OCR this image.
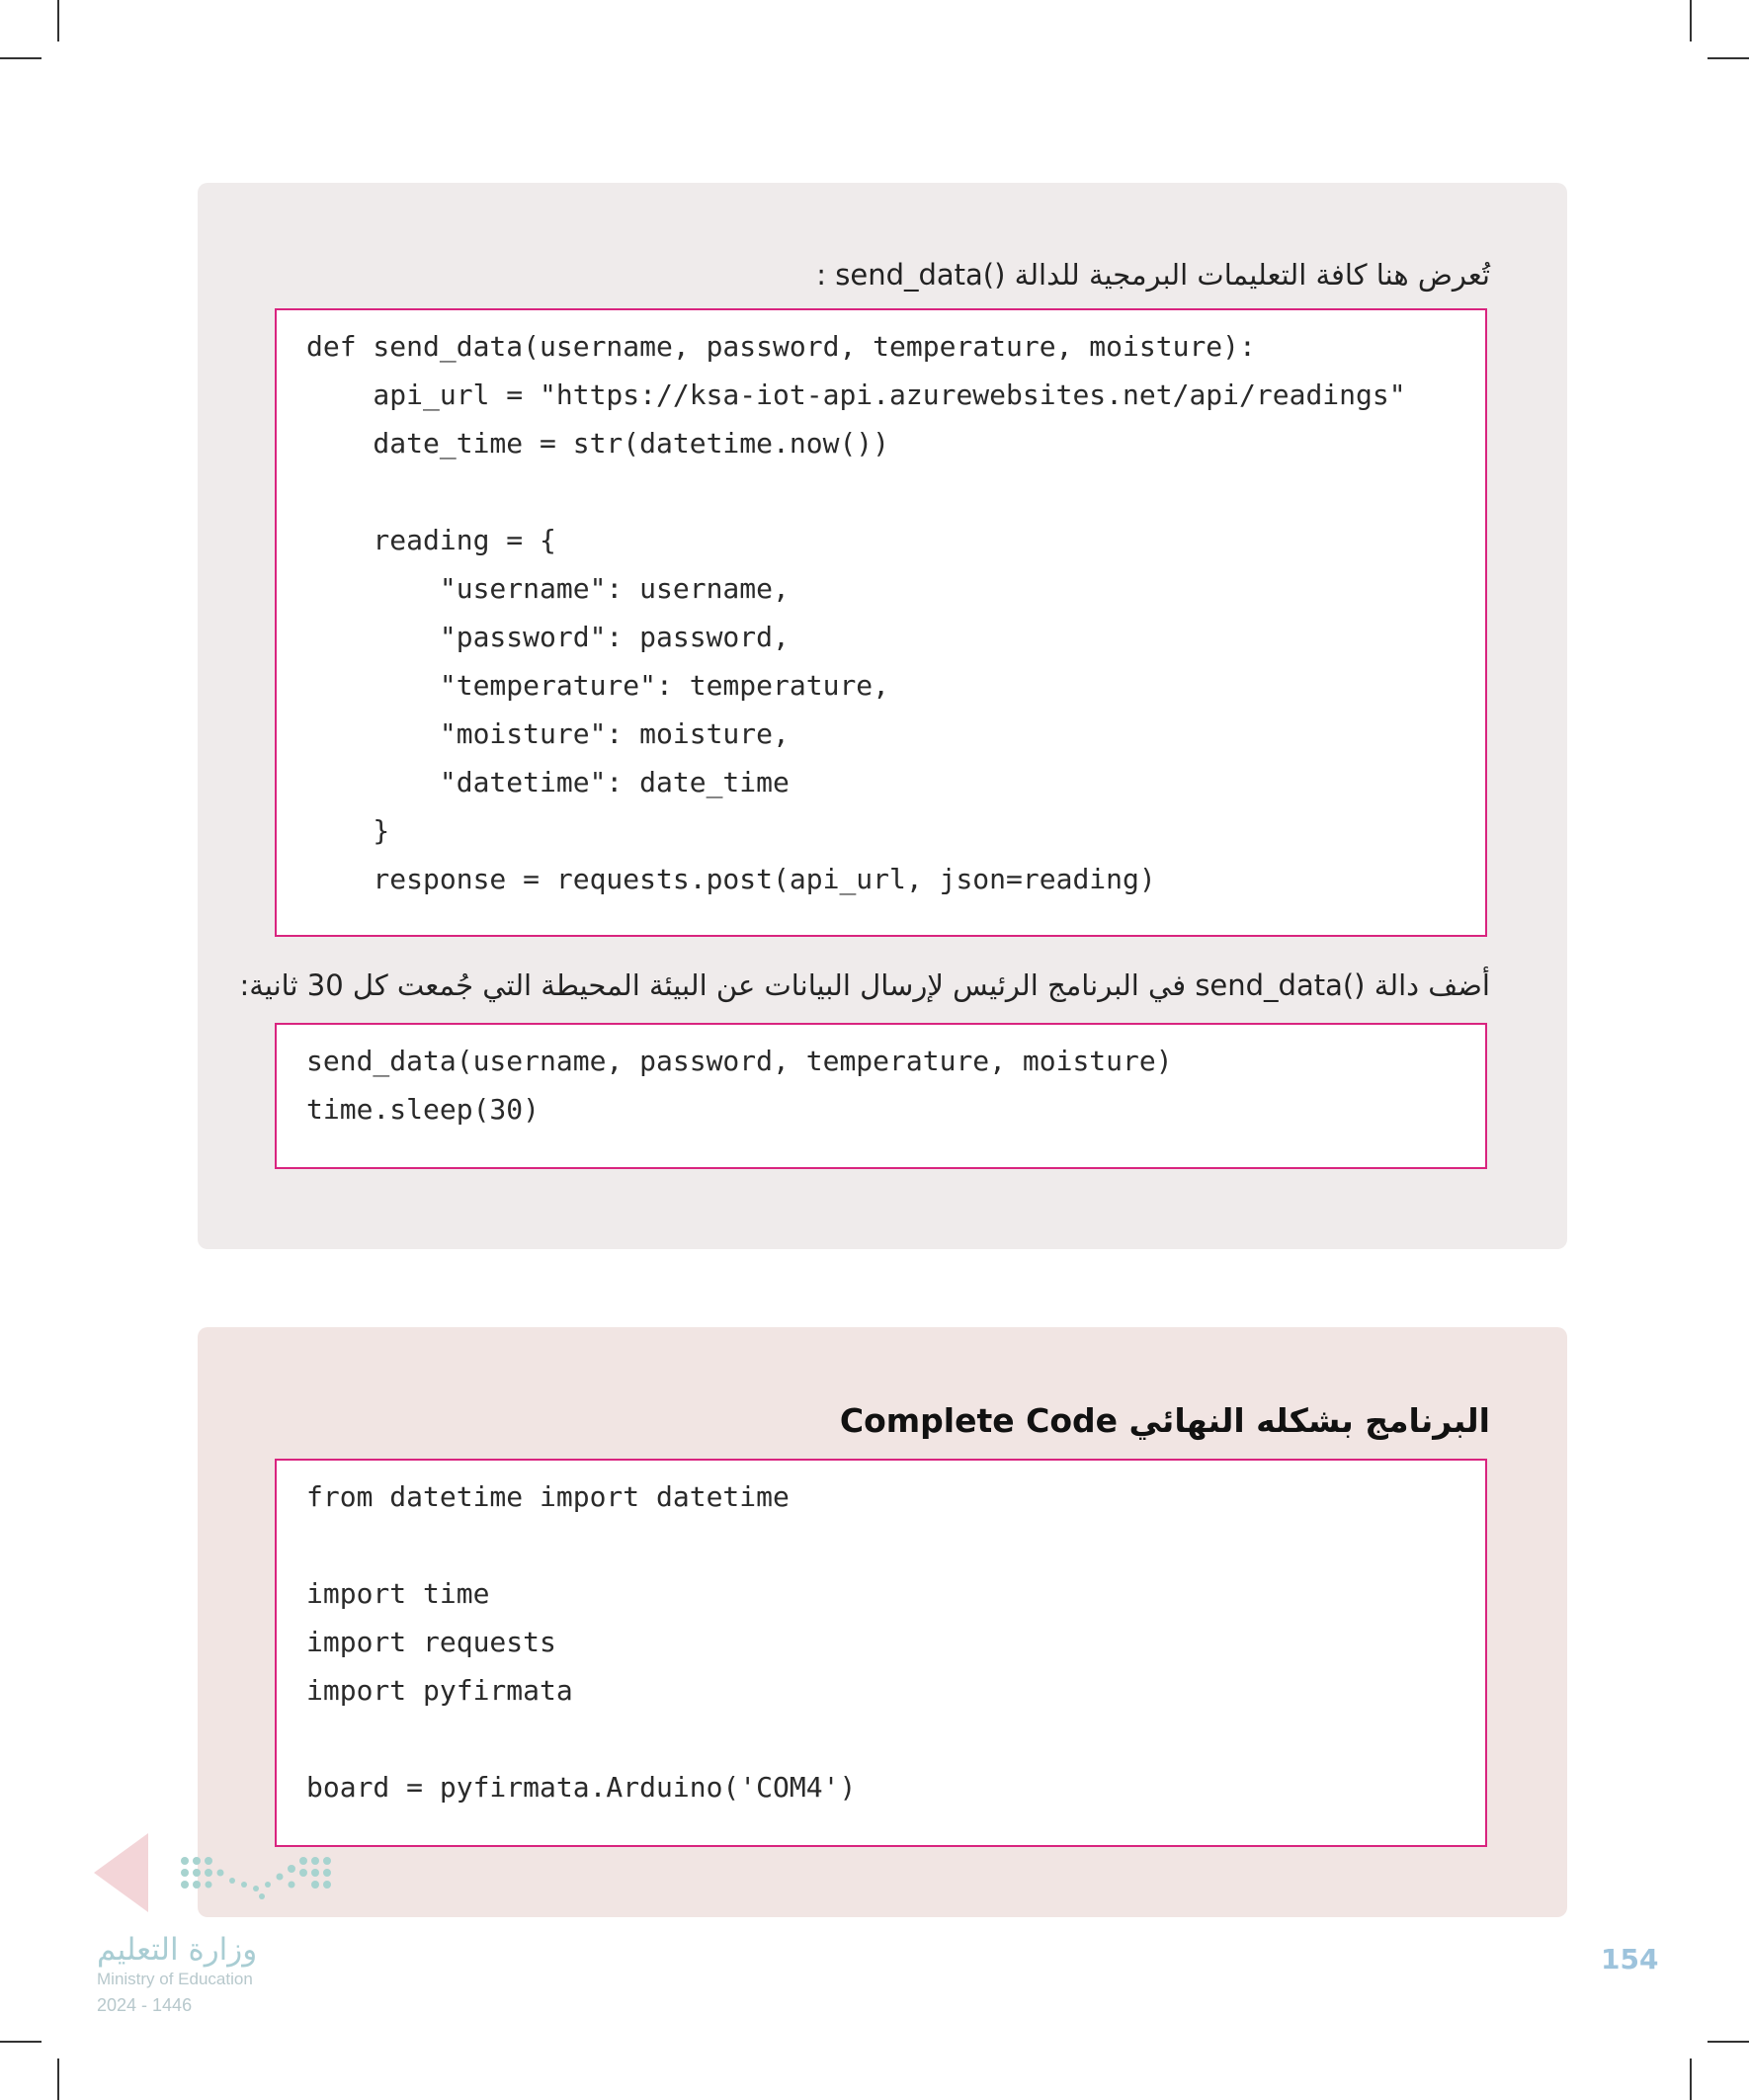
تُعرض هنا كافة التعليمات البرمجية للدالة send_data() :
def send_data(username, password, temperature, moisture):
api_url = "https://ksa-iot-api.azurewebsites.net/api/readings"
date_time = str(datetime.now())

reading = {
"username": username,
"password": password,
"temperature": temperature,
"moisture": moisture,
"datetime": date_time
}
response = requests.post(api_url, json=reading)
أضف دالة send_data() في البرنامج الرئيس لإرسال البيانات عن البيئة المحيطة التي جُمعت كل 30 ثانية:
send_data(username, password, temperature, moisture)
time.sleep(30)
البرنامج بشكله النهائي Complete Code
from datetime import datetime

import time
import requests
import pyfirmata

board = pyfirmata.Arduino('COM4')
وزارة التعليم
Ministry of Education
2024 - 1446
154
